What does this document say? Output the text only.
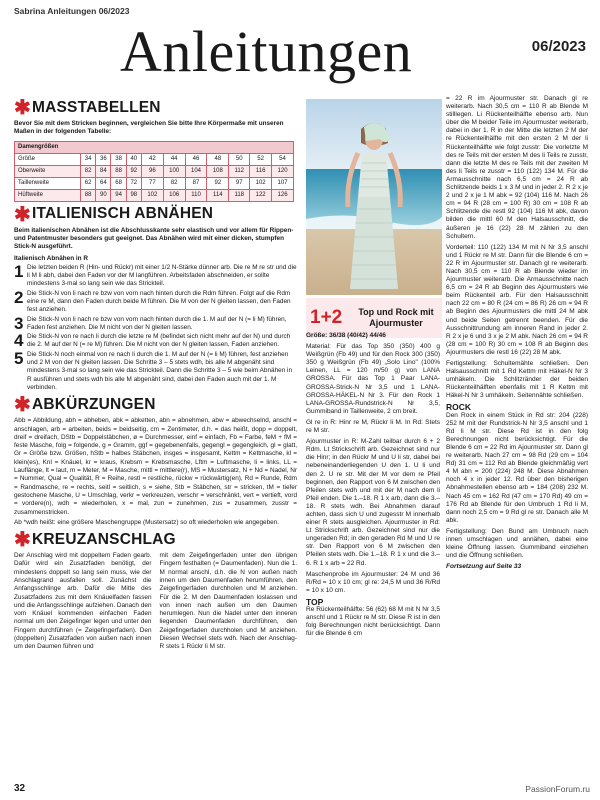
Sabrina Anleitungen 06/2023
Anleitungen	06/2023
✱ MASSTABELLEN
Bevor Sie mit dem Stricken beginnen, vergleichen Sie bitte Ihre Körpermaße mit unseren Maßen in der folgenden Tabelle:
Damengrößen											
Größe	34	36	38	40	42	44	46	48	50	52	54
Oberweite	82	84	88	92	96	100	104	108	112	116	120
Taillenweite	62	64	68	72	77	82	87	92	97	102	107
Hüftweite	88	90	94	98	102	106	110	114	118	122	126
✱ ITALIENISCH ABNÄHEN
Beim italienischen Abnähen ist die Abschlusskante sehr elastisch und vor allem für Rippen- und Patentmuster besonders gut geeignet. Das Abnähen wird mit einer dicken, stumpfen Stick-N ausgeführt.
Italienisch Abnähen in R
1 Die letzten beiden R (Hin- und Rückr) mit einer 1/2 N-Stärke dünner arb. Die re M re str und die li M li abh, dabei den Faden vor der M langführen. Arbeitsfaden abschneiden, er sollte mindestens 3-mal so lang sein wie das Strickteil.
2 Die Stick-N von li nach re bzw von vorn nach hinten durch die Rdm führen. Folgt auf die Rdm eine re M, dann den Faden durch beide M führen. Die M von der N gleiten lassen, den Faden fest anziehen.
3 Die Stick-N von li nach re bzw von vorn nach hinten durch die 1. M auf der N (= li M) führen, Faden fest anziehen. Die M nicht von der N gleiten lassen.
4 Die Stick-N von re nach li durch die letzte re M (befindet sich nicht mehr auf der N) und durch die 2. M auf der N (= re M) führen. Die M nicht von der N gleiten lassen, Faden anziehen.
5 Die Stick-N noch einmal von re nach li durch die 1. M auf der N (= li M) führen, fest anziehen und 2 M von der N gleiten lassen. Die Schritte 3 – 5 stets wdh, bis alle M abgenäht sind mindestens 3-mal so lang sein wie das Strickteil. Dann die Schritte 3 – 5 wie beim Abnähen in R ausführen und stets wdh bis alle M abgenäht sind, dabei den Faden auch mit der 1. M verbinden.
✱ ABKÜRZUNGEN
Abb = Abbildung, abh = abheben, abk = abketten, abn = abnehmen, abw = abwechselnd, anschl = anschlagen, arb = arbeiten, beids = beidseitig, cm = Zentimeter, d.h. = das heißt, dopp = doppelt, dreif = dreifach, DStb = Doppelstäbchen, ø = Durchmesser, einf = einfach, Fb = Farbe, feM + fM = feste Masche, folg = folgende, g = Gramm, ggf = gegebenenfalls, gegengl = gegengleich, gl = glatt, Gr = Größe bzw. Größen, hStb = halbes Stäbchen, insges = insgesamt, Kettm = Kettmasche, kl = klein(es), Knl = Knäuel, kr = kraus, Krebsm = Krebsmasche, Lftm = Luftmasche, li = links, LL = Lauflänge, lt = laut, m = Meter, M = Masche, mittl = mittlere(r), MS = Mustersatz, N + Nd = Nadel, Nr = Nummer, Qual = Qualität, R = Reihe, restl = restliche, rückw = rückwärtig(en), Rd = Runde, Rdm = Randmasche, re = rechts, seitl = seitlich, s = siehe, Stb = Stäbchen, str = stricken, tM = tiefer gestochene Masche, U = Umschlag, verkr = verkreuzen, verschr = verschränkt, vert = vertieft, vord = vordere(n), wdh = wiederholen, x = mal, zun = zunehmen, zus = zusammen, zusstr = zusammenstricken.
Ab *wdh heißt: eine größere Maschengruppe (Mustersatz) so oft wiederholen wie angegeben.
✱ KREUZANSCHLAG
Der Anschlag wird mit doppeltem Faden gearb. Dafür wird ein Zusatzfaden benötigt, der mindestens doppelt so lang sein muss, wie der Anschlagrand ausfallen soll. Zunächst die Anfangsschlinge arb. Dafür die Mitte des Zusatzfadens zus mit dem Knäuelfaden fassen und die Anfangsschlinge aufziehen. Danach den vom Knäuel kommenden einfachen Faden normal um den Zeigefinger legen und unter den Fingern durchführen (= Zeigefingerfaden). Den (doppelten) Zusatzfaden von außen nach innen um den Daumen führen und
mit dem Zeigefingerfaden unter den übrigen Fingern festhalten (= Daumenfaden). Nun die 1. M normal anschl, d.h. die N von außen nach innen um den Daumenfaden herumführen, den Zeigefingerfaden durchholen und M anziehen. Für die 2. M den Daumenfaden loslassen und von innen nach außen um den Daumen herumlegen. Nun die Nadel unter den inneren liegenden Daumenfaden durchführen, den Zeigefingerfaden durchholen und M anziehen. Diesen Wechsel stets wdh. Nach der Anschlag-R stets 1 Rückr li M str.
1+2	Top und Rock mit Ajourmuster

Größe: 36/38 (40/42) 44/46

Material: Für das Top 350 (350) 400 g Weißgrün (Fb 49) und für den Rock 300 (350) 350 g Weißgrün (Fb 49) „Solo Lino" (100% Leinen, LL = 120 m/50 g) von LANA GROSSA. Für das Top 1 Paar LANA-GROSSA-Strick-N Nr 3,5 und 1 LANA-GROSSA-HÄKEL-N Nr 3. Für den Rock 1 LANA-GROSSA-Rundstrick-N Nr 3,5, Gummiband in Taillenweite, 2 cm breit.

Gl re in R: Hinr re M, Rückr li M. In Rd: Stets re M str.

Ajourmuster in R: M-Zahl teilbar durch 6 + 2 Rdm. Lt Strickschrift arb. Gezeichnet sind nur die Hinr; in den Rückr M und U li str, dabei bei nebeneinanderliegenden U den 1. U li und den 2. U re str. Mit der M vor dem re Pfeil beginnen, den Rapport von 6 M zwischen den Pfeilen stets wdh und mit der M nach dem li Pfeil enden. Die 1.–18. R 1 x arb, dann die 3.–18. R stets wdh. Bei Abnahmen darauf achten, dass sich U und zugesstr M innerhalb einer R stets ausgleichen. Ajourmuster in Rd: Lt Strickschrift arb. Gezeichnet sind nur die ungeraden Rd; in den geraden Rd M und U re str. Den Rapport von 6 M zwischen den Pfeilen stets wdh. Die 1.–18. R 1 x und die 3.–6. R 1 x arb = 22 Rd.

Maschenprobe im Ajourmuster: 24 M und 36 R/Rd = 10 x 10 cm; gl re: 24,5 M und 36 R/Rd = 10 x 10 cm.

TOP

Re Rückenteilhälfte: 56 (62) 68 M mit N Nr 3,5 anschl und 1 Rückr re M str. Diese R ist in den folg Berechnungen nicht berücksichtigt. Dann für die Blende 6 cm

= 22 R im Ajourmuster str. Danach gl re weiterarb. Nach 30,5 cm = 110 R ab Blende M stilllegen. Li Rückenteilhälfte ebenso arb. Nun über die M beider Teile im Ajourmuster weiterarb, dabei in der 1. R in der Mitte die letzten 2 M der re Rückenteilhälfte mit den ersten 2 M der li Rückenteilhälfte wie folgt zusstr: Die vorletzte M des re Teils mit der ersten M des li Teils re zusstr, dann die letzte M des re Teils mit der zweiten M des li Teils re zusstr = 110 (122) 134 M. Für die Armausschnitte nach 6,5 cm = 24 R ab Schlitzende beids 1 x 3 M und in jeder 2. R 2 x je 2 und 2 x je 1 M abk = 92 (104) 116 M. Nach 26 cm = 94 R (28 cm = 100 R) 30 cm = 108 R ab Schlitzende die restl 92 (104) 116 M abk, davon bilden die mittl 60 M den Halsausschnitt, die äußeren je 16 (22) 28 M zählen zu den Schultern.

Vorderteil: 110 (122) 134 M mit N Nr 3,5 anschl und 1 Rückr re M str. Dann für die Blende 6 cm = 22 R im Ajourmuster str. Danach gl re weiterarb. Nach 30,5 cm = 110 R ab Blende wieder im Ajourmuster weiterarb. Die Armausschnitte nach 6,5 cm = 24 R ab Beginn des Ajourmusters wie beim Rückenteil arb. Für den Halsausschnitt nach 22 cm = 80 R (24 cm = 86 R) 26 cm = 94 R ab Beginn des Ajourmusters die mittl 24 M abk und beide Seiten getrennt beenden. Für die Ausschnittrundung am inneren Rand in jeder 2. R 2 x je 6 und 3 x je 2 M abk. Nach 26 cm = 94 R (28 cm = 100 R) 30 cm = 108 R ab Beginn des Ajourmusters die restl 16 (22) 28 M abk.

Fertigstellung: Schultemähte schließen. Den Halsausschnitt mit 1 Rd Kettm mit Häkel-N Nr 3 umhäkeln. Die Schlitzränder der beiden Rückenteilhälften ebenfalls mit 1 R Kettm mit Häkel-N Nr 3 umhäkeln. Seitennähte schließen.

ROCK

Den Rock in einem Stück in Rd str: 204 (228) 252 M mit der Rundstrick-N Nr 3,5 anschl und 1 Rd li M str. Diese Rd ist in den folg Berechnungen nicht berücksichtigt. Für die Blende 6 cm = 22 Rd im Ajourmuster str. Dann gl re weiterarb. Nach 27 cm = 98 Rd (29 cm = 104 Rd) 31 cm = 112 Rd ab Blende gleichmäßig vert 4 M abn = 200 (224) 248 M. Diese Abnahmen noch 4 x in jeder 12. Rd über den bisherigen Abnahmestellen ebenso arb = 184 (208) 232 M. Nach 45 cm = 162 Rd (47 cm = 170 Rd) 49 cm = 176 Rd ab Blende für den Umbruch 1 Rd li M, dann noch 2,5 cm = 9 Rd gl re str. Danach alle M abk.

Fertigstellung: Den Bund am Umbruch nach innen umschlagen und annähen, dabei eine kleine Öffnung lassen. Gummiband einziehen und die Öffnung schließen.

Fortsetzung auf Seite 33

32	PassionForum.ru
